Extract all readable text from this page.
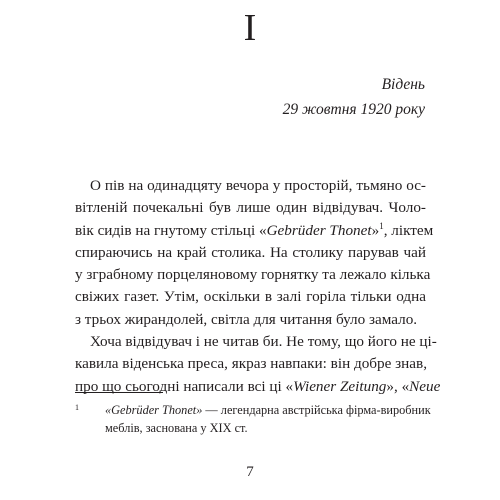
I
Відень
29 жовтня 1920 року
О пів на одинадцяту вечора у просторій, тьмяно ос-
вітленій почекальні був лише один відвідувач. Чоло-
вік сидів на гнутому стільці «Gebrüder Thonet»$^1$, ліктем
спираючись на край столика. На столику парував чай
у зграбному порцеляновому горнятку та лежало кілька
свіжих газет. Утім, оскільки в залі горіла тільки одна
з трьох жирандолей, світла для читання було замало.
Хоча відвідувач і не читав би. Не тому, що його не ці-
кавила віденська преса, якраз навпаки: він добре знав,
про що сьогодні написали всі ці «Wiener Zeitung», «Neue
1 «Gebrüder Thonet» — легендарна австрійська фірма-виробник
меблів, заснована у XIX ст.
7
